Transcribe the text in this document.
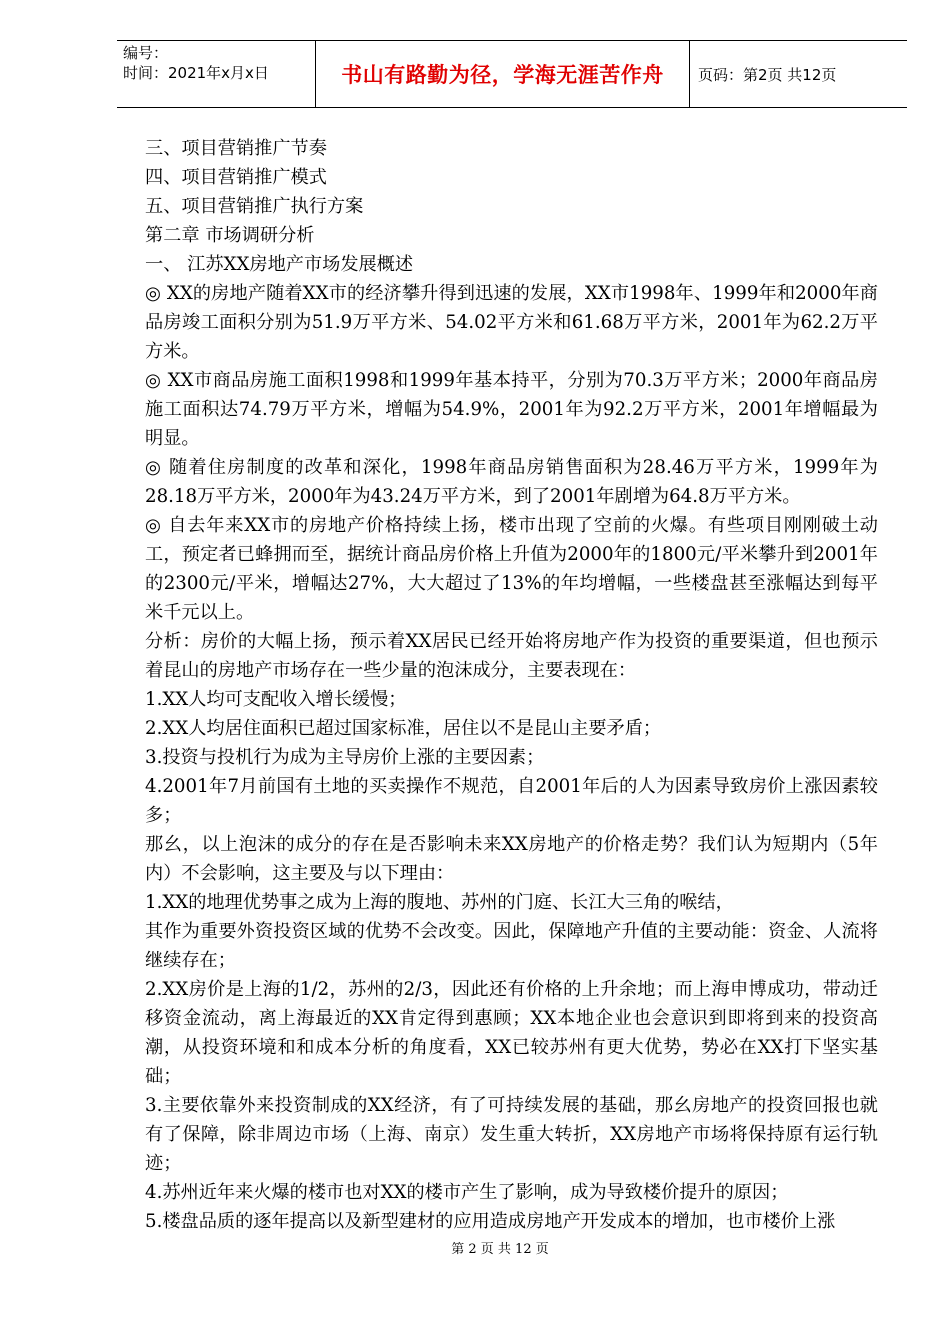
编号：
时间：2021年x月x日	书山有路勤为径，学海无涯苦作舟	页码：第2页 共12页

三、项目营销推广节奏

四、项目营销推广模式

五、项目营销推广执行方案

第二章 市场调研分析

一、 江苏XX房地产市场发展概述

◎ XX的房地产随着XX市的经济攀升得到迅速的发展，XX市1998年、1999年和2000年商品房竣工面积分别为51.9万平方米、54.02平方米和61.68万平方米，2001年为62.2万平方米。

◎ XX市商品房施工面积1998和1999年基本持平，分别为70.3万平方米；2000年商品房施工面积达74.79万平方米，增幅为54.9%，2001年为92.2万平方米，2001年增幅最为明显。

◎ 随着住房制度的改革和深化，1998年商品房销售面积为28.46万平方米，1999年为28.18万平方米，2000年为43.24万平方米，到了2001年剧增为64.8万平方米。

◎ 自去年来XX市的房地产价格持续上扬，楼市出现了空前的火爆。有些项目刚刚破土动工，预定者已蜂拥而至，据统计商品房价格上升值为2000年的1800元/平米攀升到2001年的2300元/平米，增幅达27%，大大超过了13%的年均增幅，一些楼盘甚至涨幅达到每平米千元以上。

分析：房价的大幅上扬，预示着XX居民已经开始将房地产作为投资的重要渠道，但也预示着昆山的房地产市场存在一些少量的泡沫成分，主要表现在：

1.XX人均可支配收入增长缓慢；

2.XX人均居住面积已超过国家标准，居住以不是昆山主要矛盾；

3.投资与投机行为成为主导房价上涨的主要因素；

4.2001年7月前国有土地的买卖操作不规范，自2001年后的人为因素导致房价上涨因素较多；

那幺，以上泡沫的成分的存在是否影响未来XX房地产的价格走势？我们认为短期内（5年内）不会影响，这主要及与以下理由：

1.XX的地理优势事之成为上海的腹地、苏州的门庭、长江大三角的喉结，

其作为重要外资投资区域的优势不会改变。因此，保障地产升值的主要动能：资金、人流将继续存在；

2.XX房价是上海的1/2，苏州的2/3，因此还有价格的上升余地；而上海申博成功，带动迁移资金流动，离上海最近的XX肯定得到惠顾；XX本地企业也会意识到即将到来的投资高潮，从投资环境和和成本分析的角度看，XX已较苏州有更大优势，势必在XX打下坚实基础；

3.主要依靠外来投资制成的XX经济，有了可持续发展的基础，那幺房地产的投资回报也就有了保障，除非周边市场（上海、南京）发生重大转折，XX房地产市场将保持原有运行轨迹；

4.苏州近年来火爆的楼市也对XX的楼市产生了影响，成为导致楼价提升的原因；

5.楼盘品质的逐年提高以及新型建材的应用造成房地产开发成本的增加，也市楼价上涨

第 2 页 共 12 页
